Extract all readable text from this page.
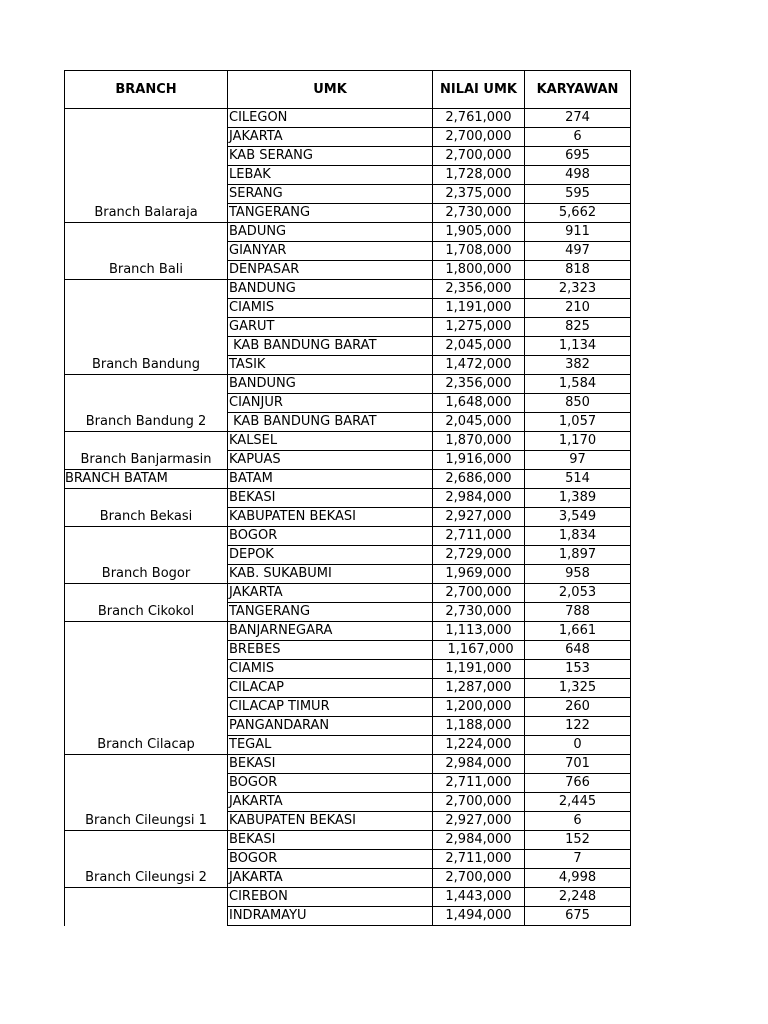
BRANCH	UMK	NILAI UMK	KARYAWAN
Branch Balaraja	CILEGON	2,761,000	274
	JAKARTA	2,700,000	6
	KAB SERANG	2,700,000	695
	LEBAK	1,728,000	498
	SERANG	2,375,000	595
	TANGERANG	2,730,000	5,662
Branch Bali	BADUNG	1,905,000	911
	GIANYAR	1,708,000	497
	DENPASAR	1,800,000	818
Branch Bandung	BANDUNG	2,356,000	2,323
	CIAMIS	1,191,000	210
	GARUT	1,275,000	825
	KAB BANDUNG BARAT	2,045,000	1,134
	TASIK	1,472,000	382
Branch Bandung 2	BANDUNG	2,356,000	1,584
	CIANJUR	1,648,000	850
	KAB BANDUNG BARAT	2,045,000	1,057
Branch Banjarmasin	KALSEL	1,870,000	1,170
	KAPUAS	1,916,000	97
BRANCH BATAM	BATAM	2,686,000	514
Branch Bekasi	BEKASI	2,984,000	1,389
	KABUPATEN BEKASI	2,927,000	3,549
Branch Bogor	BOGOR	2,711,000	1,834
	DEPOK	2,729,000	1,897
	KAB. SUKABUMI	1,969,000	958
Branch Cikokol	JAKARTA	2,700,000	2,053
	TANGERANG	2,730,000	788
Branch Cilacap	BANJARNEGARA	1,113,000	1,661
	BREBES	1,167,000	648
	CIAMIS	1,191,000	153
	CILACAP	1,287,000	1,325
	CILACAP TIMUR	1,200,000	260
	PANGANDARAN	1,188,000	122
	TEGAL	1,224,000	0
Branch Cileungsi 1	BEKASI	2,984,000	701
	BOGOR	2,711,000	766
	JAKARTA	2,700,000	2,445
	KABUPATEN BEKASI	2,927,000	6
Branch Cileungsi 2	BEKASI	2,984,000	152
	BOGOR	2,711,000	7
	JAKARTA	2,700,000	4,998
	CIREBON	1,443,000	2,248
	INDRAMAYU	1,494,000	675
